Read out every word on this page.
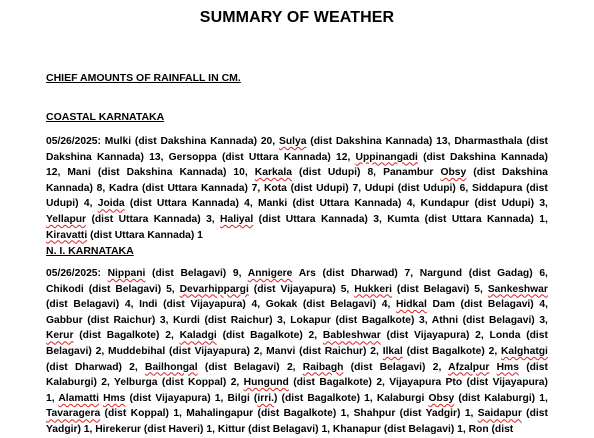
SUMMARY OF WEATHER
CHIEF AMOUNTS OF RAINFALL IN CM.
COASTAL KARNATAKA
05/26/2025: Mulki (dist Dakshina Kannada) 20, Sulya (dist Dakshina Kannada) 13, Dharmasthala (dist
Dakshina Kannada) 13, Gersoppa (dist Uttara Kannada) 12, Uppinangadi (dist Dakshina Kannada)
12, Mani (dist Dakshina Kannada) 10, Karkala (dist Udupi) 8, Panambur Obsy (dist Dakshina
Kannada) 8, Kadra (dist Uttara Kannada) 7, Kota (dist Udupi) 7, Udupi (dist Udupi) 6, Siddapura (dist
Udupi) 4, Joida (dist Uttara Kannada) 4, Manki (dist Uttara Kannada) 4, Kundapur (dist Udupi) 3,
Yellapur (dist Uttara Kannada) 3, Haliyal (dist Uttara Kannada) 3, Kumta (dist Uttara Kannada) 1,
Kiravatti (dist Uttara Kannada) 1
N. I. KARNATAKA
05/26/2025: Nippani (dist Belagavi) 9, Annigere Ars (dist Dharwad) 7, Nargund (dist Gadag) 6,
Chikodi (dist Belagavi) 5, Devarhippargi (dist Vijayapura) 5, Hukkeri (dist Belagavi) 5, Sankeshwar
(dist Belagavi) 4, Indi (dist Vijayapura) 4, Gokak (dist Belagavi) 4, Hidkal Dam (dist Belagavi) 4,
Gabbur (dist Raichur) 3, Kurdi (dist Raichur) 3, Lokapur (dist Bagalkote) 3, Athni (dist Belagavi) 3,
Kerur (dist Bagalkote) 2, Kaladgi (dist Bagalkote) 2, Bableshwar (dist Vijayapura) 2, Londa (dist
Belagavi) 2, Muddebihal (dist Vijayapura) 2, Manvi (dist Raichur) 2, Ilkal (dist Bagalkote) 2, Kalghatgi
(dist Dharwad) 2, Bailhongal (dist Belagavi) 2, Raibagh (dist Belagavi) 2, Afzalpur Hms (dist
Kalaburgi) 2, Yelburga (dist Koppal) 2, Hungund (dist Bagalkote) 2, Vijayapura Pto (dist Vijayapura)
1, Alamatti Hms (dist Vijayapura) 1, Bilgi (irri.) (dist Bagalkote) 1, Kalaburgi Obsy (dist Kalaburgi) 1,
Tavaragera (dist Koppal) 1, Mahalingapur (dist Bagalkote) 1, Shahpur (dist Yadgir) 1, Saidapur (dist
Yadgir) 1, Hirekerur (dist Haveri) 1, Kittur (dist Belagavi) 1, Khanapur (dist Belagavi) 1, Ron (dist
